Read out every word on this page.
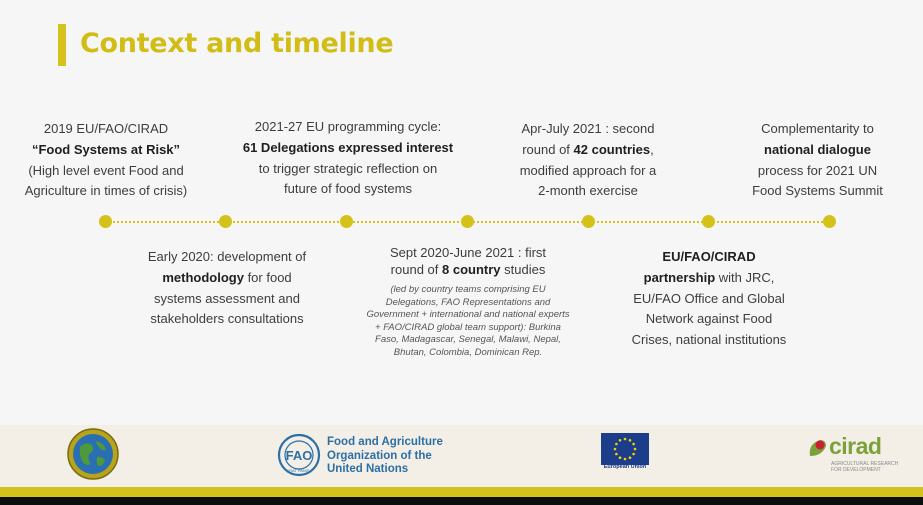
Context and timeline
2019 EU/FAO/CIRAD
“Food Systems at Risk”
(High level event Food and
Agriculture in times of crisis)
2021-27 EU programming cycle:
61 Delegations expressed interest
to trigger strategic reflection on
future of food systems
Apr-July 2021 : second
round of 42 countries,
modified approach for a
2-month exercise
Complementarity to
national dialogue
process for 2021 UN
Food Systems Summit
Early 2020: development of
methodology for food
systems assessment and
stakeholders consultations
Sept 2020-June 2021 : first
round of 8 country studies
(led by country teams comprising EU Delegations, FAO Representations and Government + international and national experts + FAO/CIRAD global team support): Burkina Faso, Madagascar, Senegal, Malawi, Nepal, Bhutan, Colombia, Dominican Rep.
EU/FAO/CIRAD
partnership with JRC,
EU/FAO Office and Global
Network against Food
Crises, national institutions
FAO
FIAT PANIS
Food and Agriculture
Organization of the
United Nations	European Union
cirad
AGRICULTURAL RESEARCH
FOR DEVELOPMENT
